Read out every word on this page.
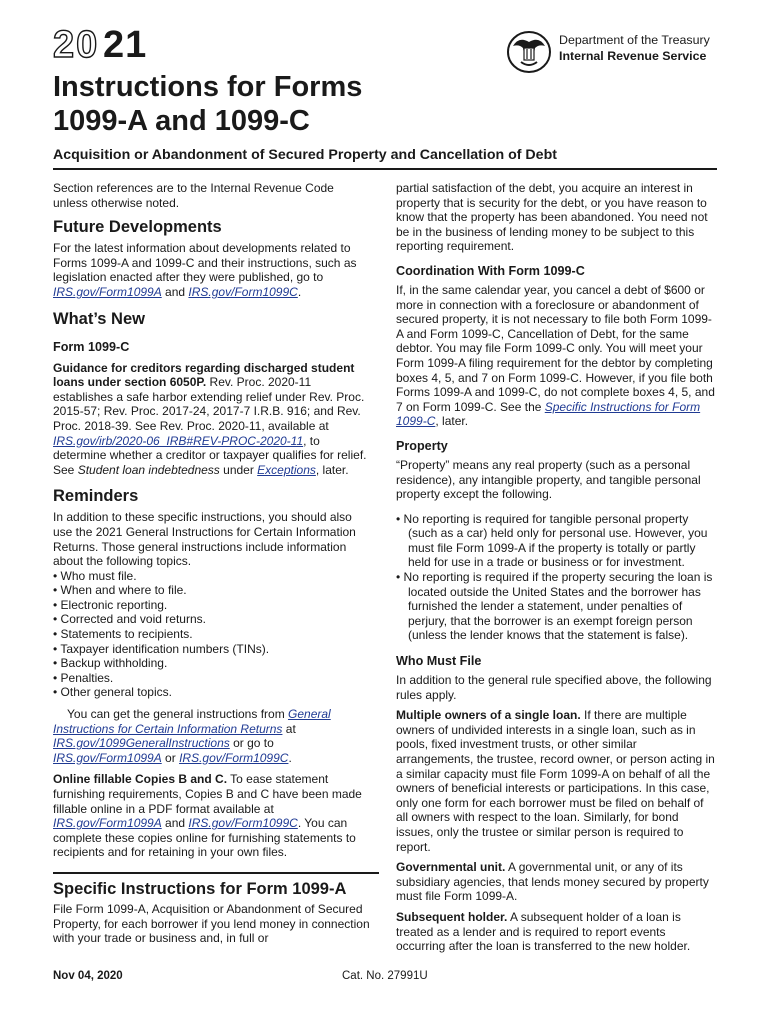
20 21
Instructions for Forms
1099-A and 1099-C
Department of the Treasury
Internal Revenue Service
Acquisition or Abandonment of Secured Property and Cancellation of Debt

Section references are to the Internal Revenue Code unless otherwise noted.

Future Developments

For the latest information about developments related to Forms 1099-A and 1099-C and their instructions, such as legislation enacted after they were published, go to IRS.gov/Form1099A and IRS.gov/Form1099C.

What’s New
Form 1099-C

Guidance for creditors regarding discharged student loans under section 6050P. Rev. Proc. 2020-11 establishes a safe harbor extending relief under Rev. Proc. 2015-57; Rev. Proc. 2017-24, 2017-7 I.R.B. 916; and Rev. Proc. 2018-39. See Rev. Proc. 2020-11, available at IRS.gov/irb/2020-06_IRB#REV-PROC-2020-11, to determine whether a creditor or taxpayer qualifies for relief. See Student loan indebtedness under Exceptions, later.

Reminders

In addition to these specific instructions, you should also use the 2021 General Instructions for Certain Information Returns. Those general instructions include information about the following topics.

• Who must file.
• When and where to file.
• Electronic reporting.
• Corrected and void returns.
• Statements to recipients.
• Taxpayer identification numbers (TINs).
• Backup withholding.
• Penalties.
• Other general topics.

You can get the general instructions from General Instructions for Certain Information Returns at IRS.gov/1099GeneralInstructions or go to IRS.gov/Form1099A or IRS.gov/Form1099C.

Online fillable Copies B and C. To ease statement furnishing requirements, Copies B and C have been made fillable online in a PDF format available at IRS.gov/Form1099A and IRS.gov/Form1099C. You can complete these copies online for furnishing statements to recipients and for retaining in your own files.

Specific Instructions for Form 1099-A

File Form 1099-A, Acquisition or Abandonment of Secured Property, for each borrower if you lend money in connection with your trade or business and, in full or

partial satisfaction of the debt, you acquire an interest in property that is security for the debt, or you have reason to know that the property has been abandoned. You need not be in the business of lending money to be subject to this reporting requirement.

Coordination With Form 1099-C

If, in the same calendar year, you cancel a debt of $600 or more in connection with a foreclosure or abandonment of secured property, it is not necessary to file both Form 1099-A and Form 1099-C, Cancellation of Debt, for the same debtor. You may file Form 1099-C only. You will meet your Form 1099-A filing requirement for the debtor by completing boxes 4, 5, and 7 on Form 1099-C. However, if you file both Forms 1099-A and 1099-C, do not complete boxes 4, 5, and 7 on Form 1099-C. See the Specific Instructions for Form 1099-C, later.

Property

“Property” means any real property (such as a personal residence), any intangible property, and tangible personal property except the following.

• No reporting is required for tangible personal property (such as a car) held only for personal use. However, you must file Form 1099-A if the property is totally or partly held for use in a trade or business or for investment.
• No reporting is required if the property securing the loan is located outside the United States and the borrower has furnished the lender a statement, under penalties of perjury, that the borrower is an exempt foreign person (unless the lender knows that the statement is false).
Who Must File

In addition to the general rule specified above, the following rules apply.

Multiple owners of a single loan. If there are multiple owners of undivided interests in a single loan, such as in pools, fixed investment trusts, or other similar arrangements, the trustee, record owner, or person acting in a similar capacity must file Form 1099-A on behalf of all the owners of beneficial interests or participations. In this case, only one form for each borrower must be filed on behalf of all owners with respect to the loan. Similarly, for bond issues, only the trustee or similar person is required to report.

Governmental unit. A governmental unit, or any of its subsidiary agencies, that lends money secured by property must file Form 1099-A.

Subsequent holder. A subsequent holder of a loan is treated as a lender and is required to report events occurring after the loan is transferred to the new holder.

Nov 04, 2020	Cat. No. 27991U
